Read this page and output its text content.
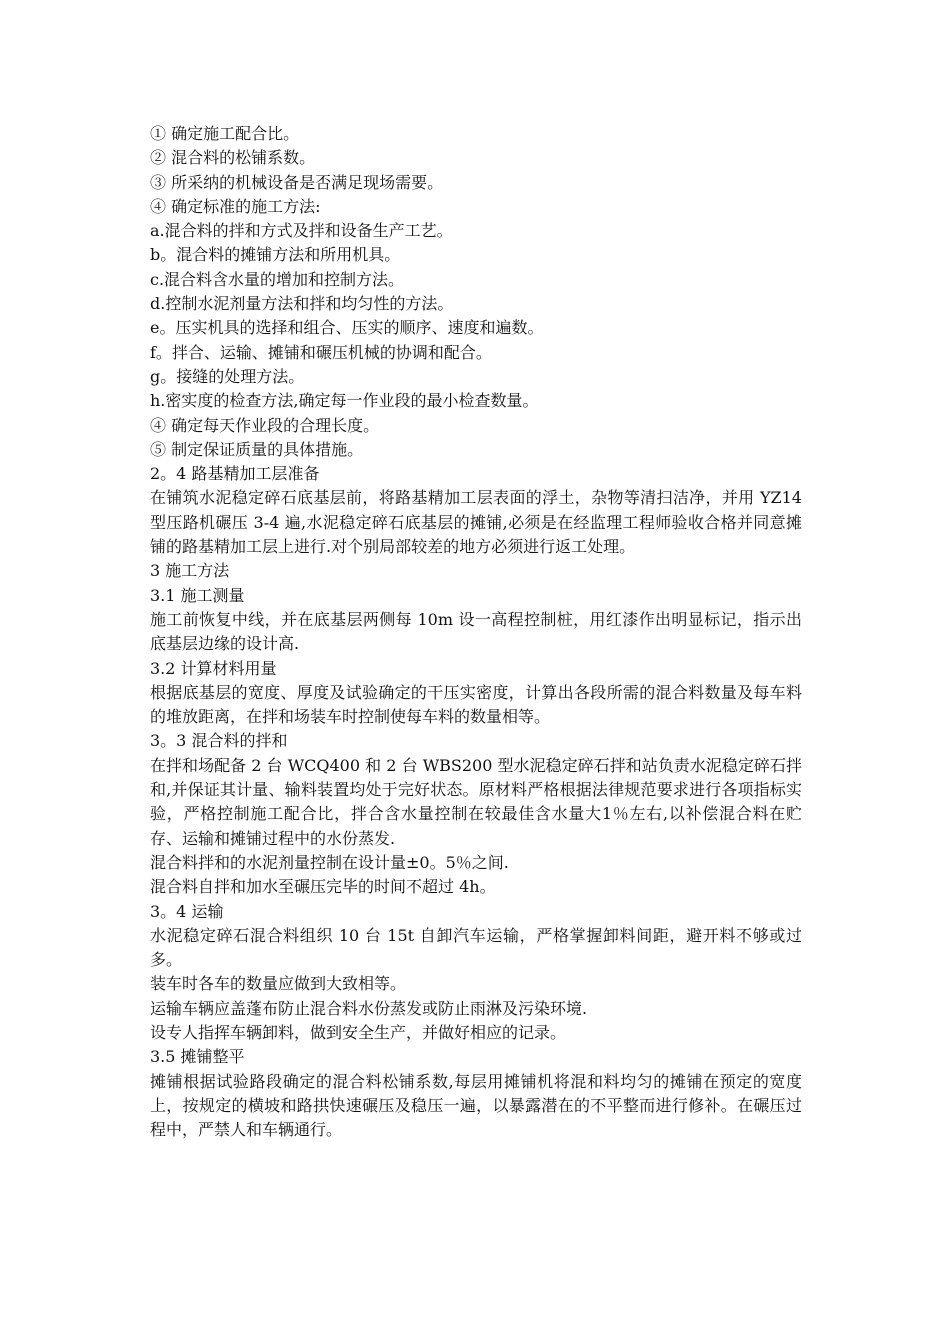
① 确定施工配合比。
② 混合料的松铺系数。
③ 所采纳的机械设备是否满足现场需要。
④ 确定标准的施工方法:
a.混合料的拌和方式及拌和设备生产工艺。
b。混合料的摊铺方法和所用机具。
c.混合料含水量的增加和控制方法。
d.控制水泥剂量方法和拌和均匀性的方法。
e。压实机具的选择和组合、压实的顺序、速度和遍数。
f。拌合、运输、摊铺和碾压机械的协调和配合。
g。接缝的处理方法。
h.密实度的检查方法,确定每一作业段的最小检查数量。
④ 确定每天作业段的合理长度。
⑤ 制定保证质量的具体措施。
2。4 路基精加工层准备
在铺筑水泥稳定碎石底基层前，将路基精加工层表面的浮土，杂物等清扫洁净，并用 YZ14 型压路机碾压 3-4 遍,水泥稳定碎石底基层的摊铺,必须是在经监理工程师验收合格并同意摊铺的路基精加工层上进行.对个别局部较差的地方必须进行返工处理。
3 施工方法
3.1 施工测量
施工前恢复中线，并在底基层两侧每 10m 设一高程控制桩，用红漆作出明显标记，指示出底基层边缘的设计高.
3.2 计算材料用量
根据底基层的宽度、厚度及试验确定的干压实密度，计算出各段所需的混合料数量及每车料的堆放距离，在拌和场装车时控制使每车料的数量相等。
3。3 混合料的拌和
在拌和场配备 2 台 WCQ400 和 2 台 WBS200 型水泥稳定碎石拌和站负责水泥稳定碎石拌和,并保证其计量、输料装置均处于完好状态。原材料严格根据法律规范要求进行各项指标实验，严格控制施工配合比，拌合含水量控制在较最佳含水量大1％左右,以补偿混合料在贮存、运输和摊铺过程中的水份蒸发.
混合料拌和的水泥剂量控制在设计量±0。5％之间.
混合料自拌和加水至碾压完毕的时间不超过 4h。
3。4 运输
水泥稳定碎石混合料组织 10 台 15t 自卸汽车运输，严格掌握卸料间距，避开料不够或过多。
装车时各车的数量应做到大致相等。
运输车辆应盖蓬布防止混合料水份蒸发或防止雨淋及污染环境.
设专人指挥车辆卸料，做到安全生产，并做好相应的记录。
3.5 摊铺整平
摊铺根据试验路段确定的混合料松铺系数,每层用摊铺机将混和料均匀的摊铺在预定的宽度上，按规定的横坡和路拱快速碾压及稳压一遍，以暴露潜在的不平整而进行修补。在碾压过程中，严禁人和车辆通行。
